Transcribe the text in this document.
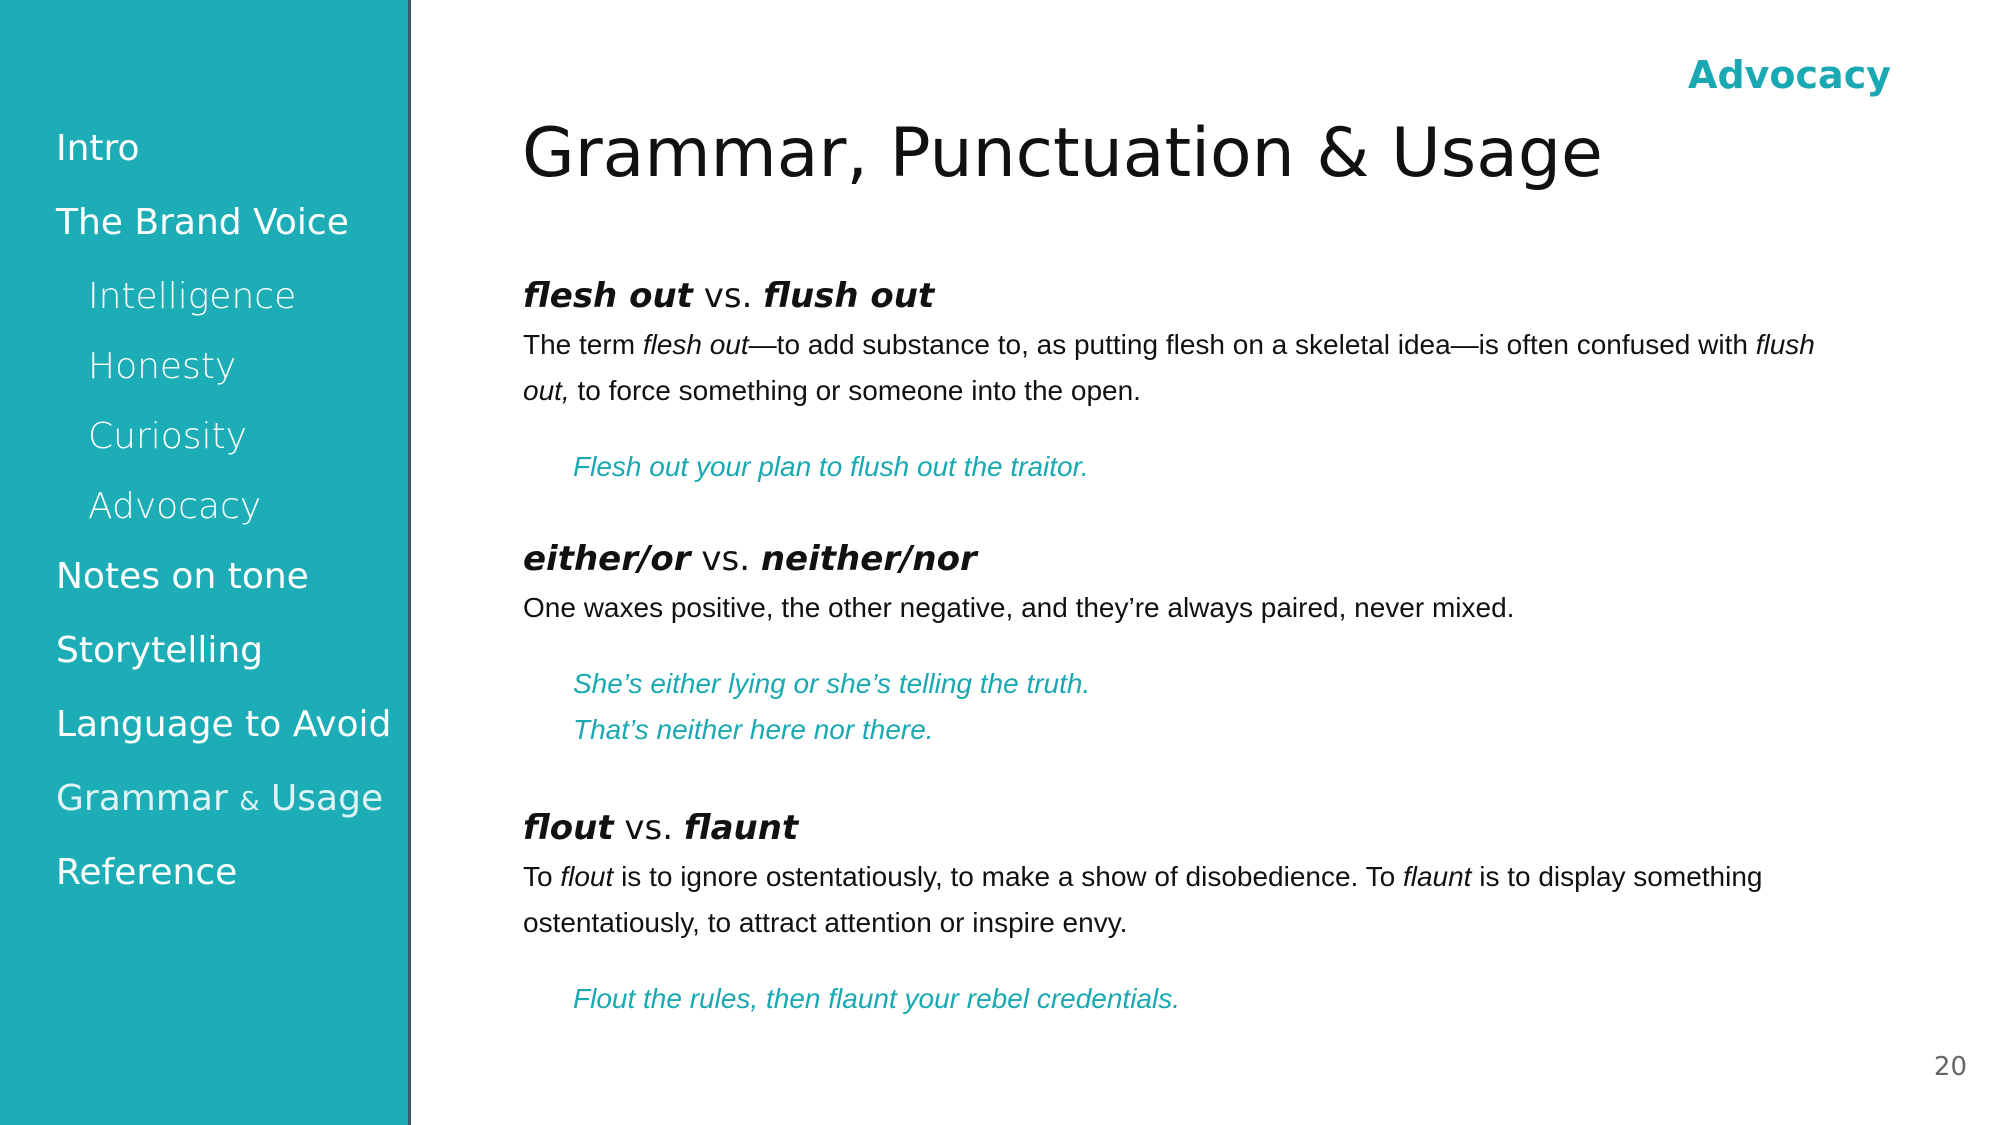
Intro
The Brand Voice
Intelligence
Honesty
Curiosity
Advocacy
Notes on tone
Storytelling
Language to Avoid
Grammar & Usage
Reference
Advocacy
Grammar, Punctuation & Usage
flesh out vs. flush out
The term flesh out—to add substance to, as putting flesh on a skeletal idea—is often confused with flush out, to force something or someone into the open.
Flesh out your plan to flush out the traitor.
either/or vs. neither/nor
One waxes positive, the other negative, and they’re always paired, never mixed.
She’s either lying or she’s telling the truth.
That’s neither here nor there.
flout vs. flaunt
To flout is to ignore ostentatiously, to make a show of disobedience. To flaunt is to display something ostentatiously, to attract attention or inspire envy.
Flout the rules, then flaunt your rebel credentials.
20
